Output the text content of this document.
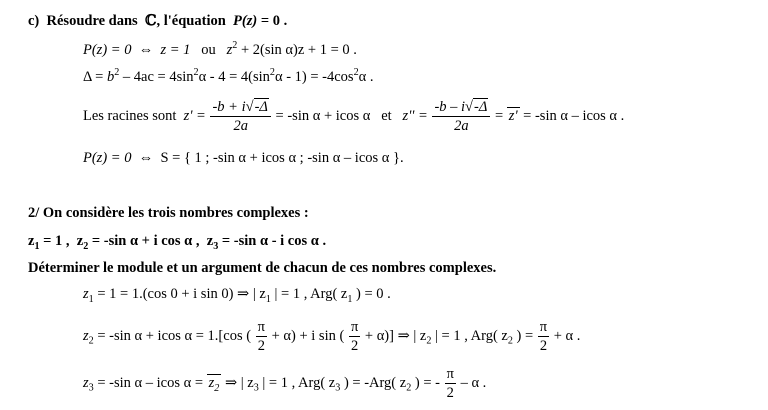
c) Résoudre dans ℂ, l'équation P(z) = 0 .
P(z) = 0 ⇔ z = 1 ou $z^2 + 2(\sin$ α)z + 1 = 0 .
$\Delta = b^2 - 4ac = 4\sin^2\alpha - 4 = 4(\sin^2\alpha - 1) = -4\cos^2\alpha$ .
Les racines sont $z' = \frac{-b + i√-\Delta}{2a} = -\sin$ α + icos α et $z'' = \frac{-b - i√-\Delta}{2a} = z' = -\sin$ α – icos α .
P(z) = 0 ⇔ S = { 1 ; -sin α + icos α ; -sin α – icos α }.
2/ On considère les trois nombres complexes :
$z_1 = 1$ , $z_2 = -\sin$ α + i cos α , $z_3 = -\sin$ α - i cos α .
Déterminer le module et un argument de chacun de ces nombres complexes.
$z_1 = 1 = 1.(\cos$ 0 + i sin 0) ⇒ | $z_1$ | = 1 , Arg( $z_1$ ) = 0 .
$z_2 = -\sin$ α + icos α = 1.[cos ( $\frac{\pi}{2} + \alpha) + i$ sin ( $\frac{\pi}{2} + \alpha$)] ⇒ | $z_2$ | = 1 , Arg( $z_2$ ) = $\frac{\pi}{2} + \alpha$ .
$z_3 = -\sin$ α – icos $\alpha = z_2$ ⇒ | $z_3$ | = 1 , Arg( $z_3$ ) = -Arg( $z_2$ ) = - $\frac{\pi}{2}$ – α .
